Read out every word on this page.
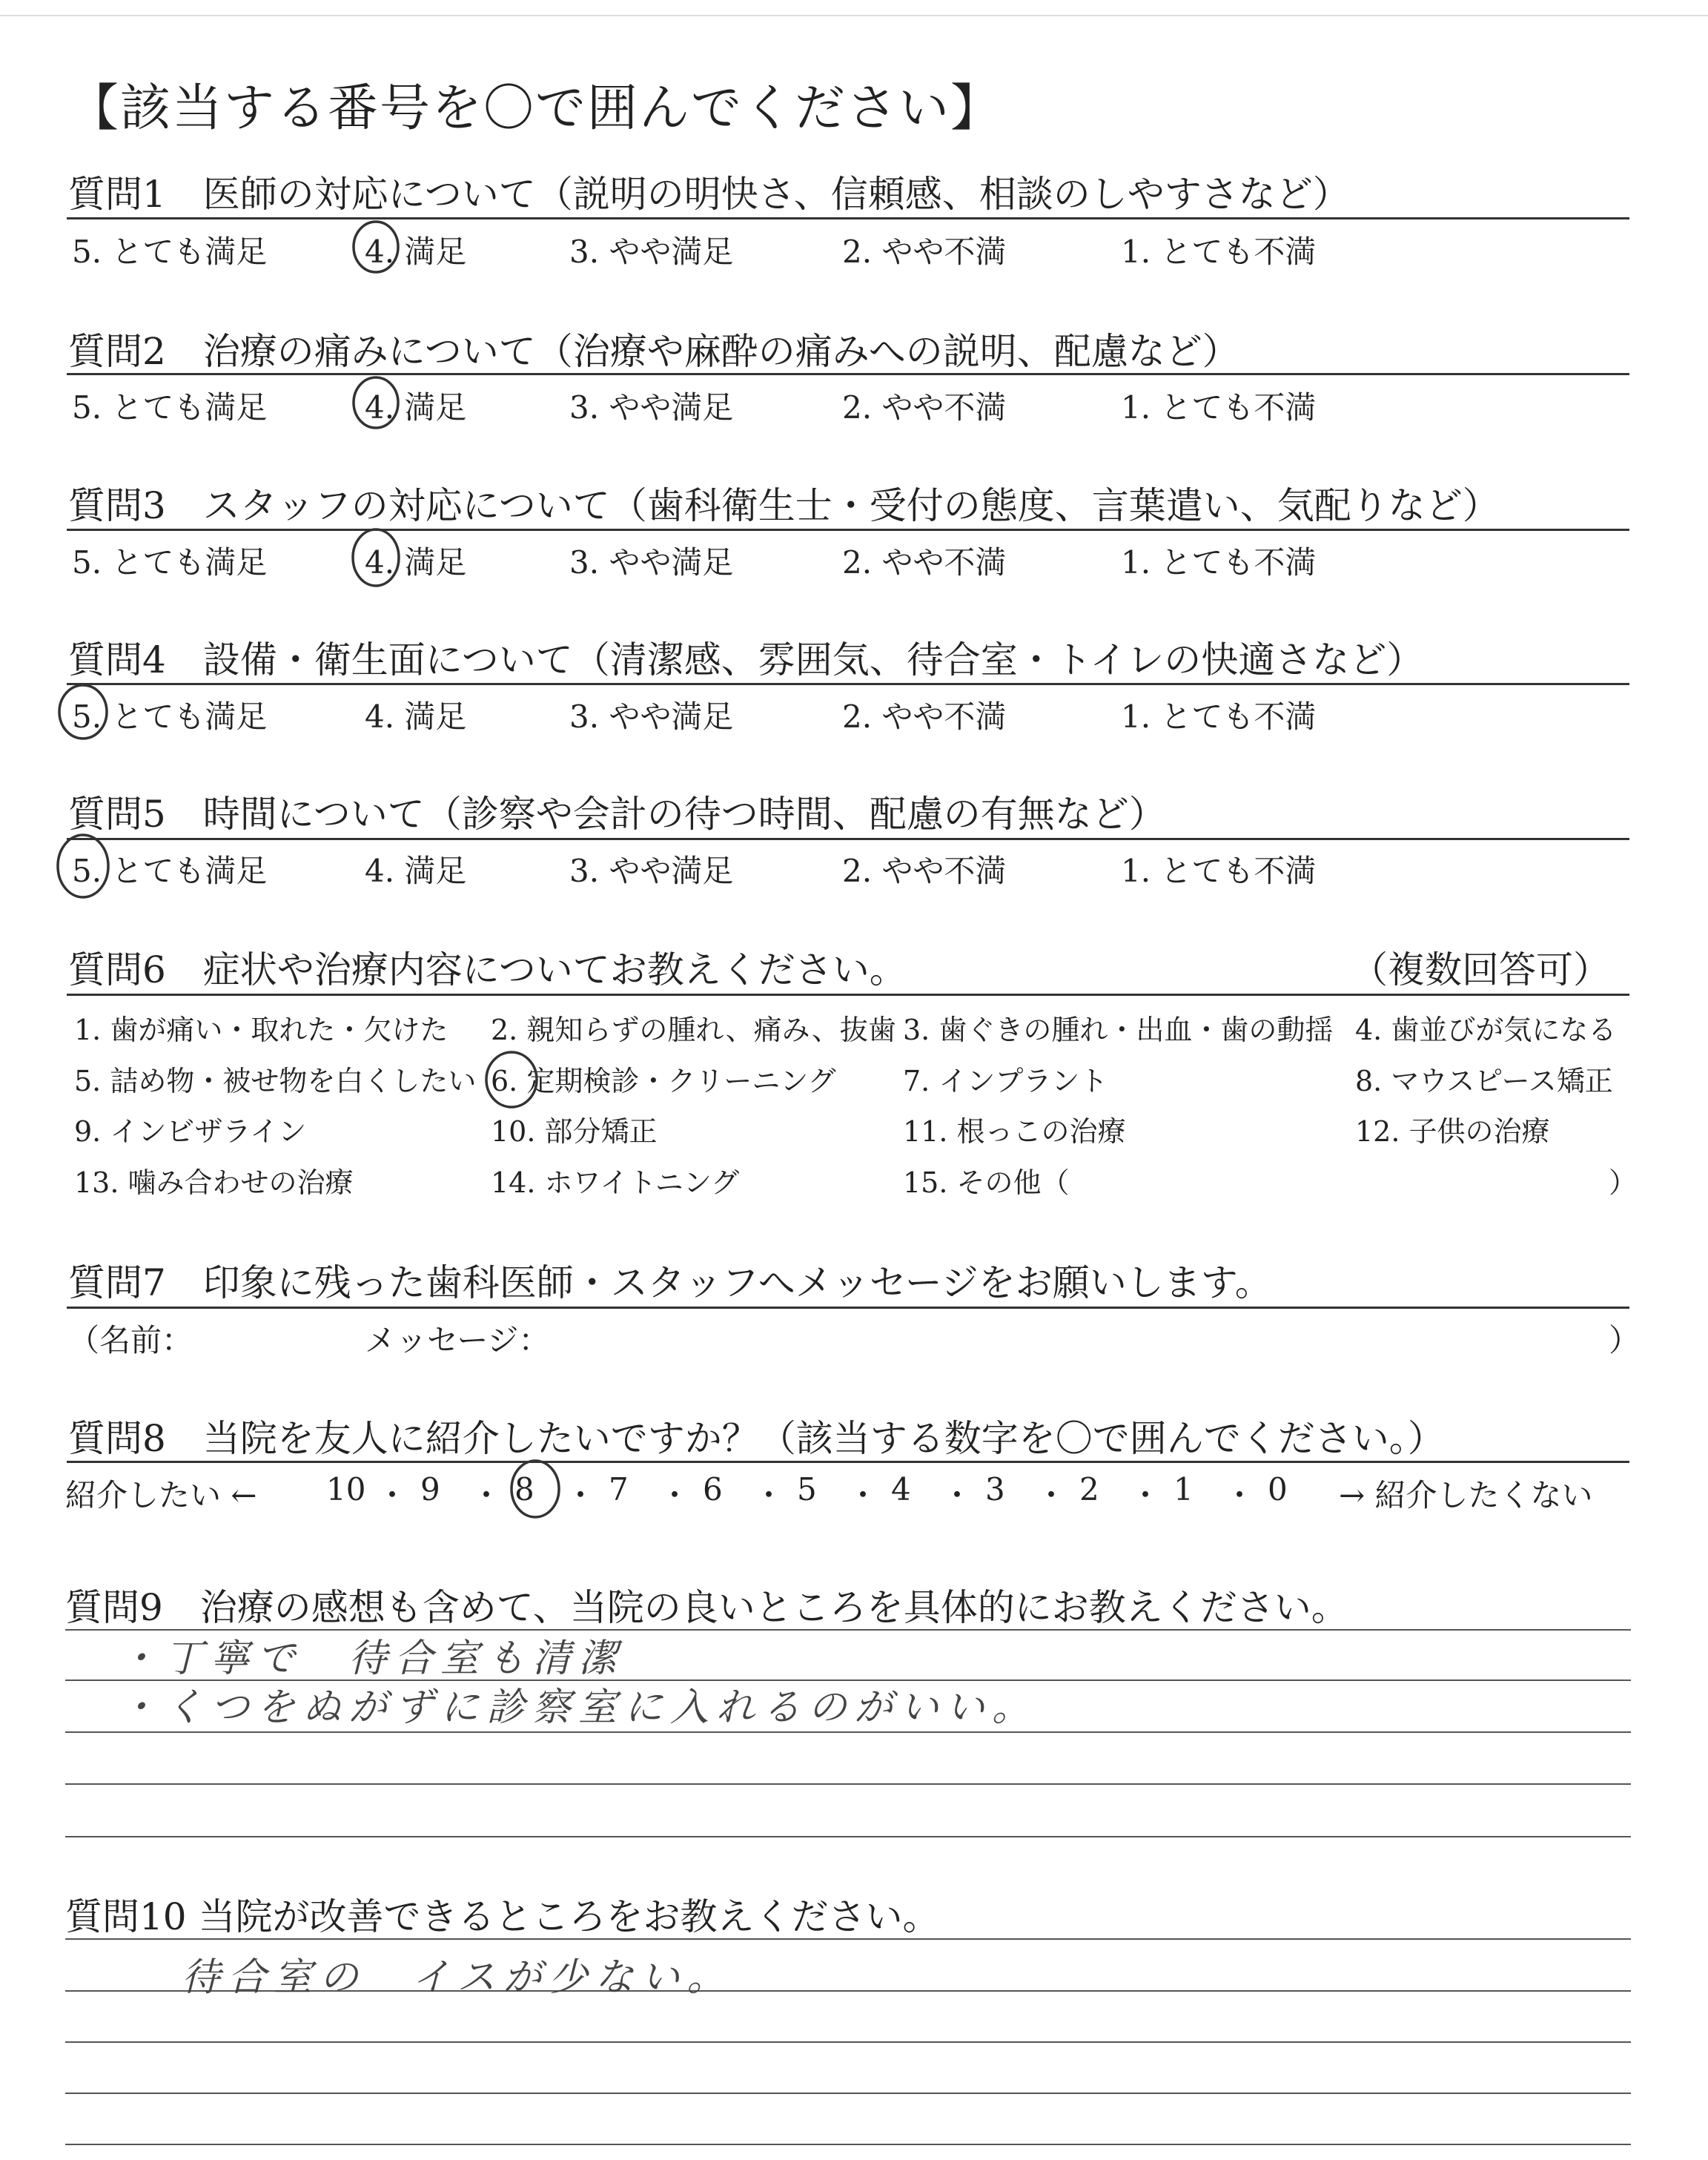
【該当する番号を〇で囲んでください】
質問1　医師の対応について（説明の明快さ、信頼感、相談のしやすさなど）
5. とても満足	4. 満足	3. やや満足	2. やや不満	1. とても不満
質問2　治療の痛みについて（治療や麻酔の痛みへの説明、配慮など）
5. とても満足	4. 満足	3. やや満足	2. やや不満	1. とても不満
質問3　スタッフの対応について（歯科衛生士・受付の態度、言葉遣い、気配りなど）
5. とても満足	4. 満足	3. やや満足	2. やや不満	1. とても不満
質問4　設備・衛生面について（清潔感、雰囲気、待合室・トイレの快適さなど）
5. とても満足	4. 満足	3. やや満足	2. やや不満	1. とても不満
質問5　時間について（診察や会計の待つ時間、配慮の有無など）
5. とても満足	4. 満足	3. やや満足	2. やや不満	1. とても不満
質問6　症状や治療内容についてお教えください。	（複数回答可）
1. 歯が痛い・取れた・欠けた 2. 親知らずの腫れ、痛み、抜歯 3. 歯ぐきの腫れ・出血・歯の動揺 4. 歯並びが気になる
5. 詰め物・被せ物を白くしたい 6. 定期検診・クリーニング 7. インプラント	8. マウスピース矯正
9. インビザライン	10. 部分矯正	11. 根っこの治療	12. 子供の治療
13. 噛み合わせの治療	14. ホワイトニング	15. その他（	）
質問7　印象に残った歯科医師・スタッフへメッセージをお願いします。
（名前：	メッセージ：	）
質問8　当院を友人に紹介したいですか？（該当する数字を〇で囲んでください。）
紹介したい ← 10 ・ 9 ・ 8 ・ 7 ・ 6 ・ 5 ・ 4 ・ 3 ・ 2 ・ 1 ・ 0 → 紹介したくない
質問9　治療の感想も含めて、当院の良いところを具体的にお教えください。
・丁寧で　待合室も清潔
・くつをぬがずに診察室に入れるのがいい。
質問10 当院が改善できるところをお教えください。
待合室の　イスが少ない。
